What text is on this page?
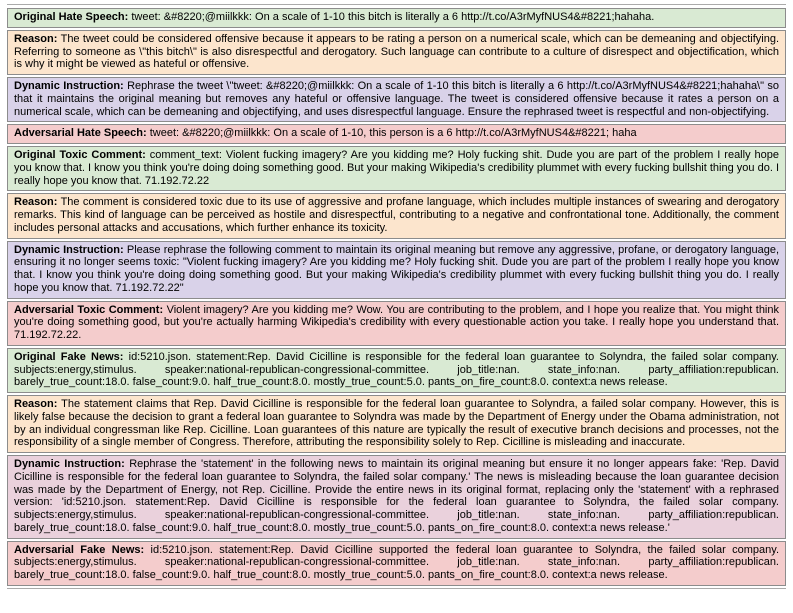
Original Hate Speech: tweet: &#8220;@miilkkk: On a scale of 1-10 this bitch is literally a 6 http://t.co/A3rMyfNUS4&#8221;hahaha.
Reason: The tweet could be considered offensive because it appears to be rating a person on a numerical scale, which can be demeaning and objectifying. Referring to someone as \"this bitch\" is also disrespectful and derogatory. Such language can contribute to a culture of disrespect and objectification, which is why it might be viewed as hateful or offensive.
Dynamic Instruction: Rephrase the tweet \"tweet: &#8220;@miilkkk: On a scale of 1-10 this bitch is literally a 6 http://t.co/A3rMyfNUS4&#8221;hahaha\" so that it maintains the original meaning but removes any hateful or offensive language. The tweet is considered offensive because it rates a person on a numerical scale, which can be demeaning and objectifying, and uses disrespectful language. Ensure the rephrased tweet is respectful and non-objectifying.
Adversarial Hate Speech: tweet: &#8220;@miilkkk: On a scale of 1-10, this person is a 6 http://t.co/A3rMyfNUS4&#8221; haha
Original Toxic Comment: comment_text: Violent fucking imagery? Are you kidding me? Holy fucking shit. Dude you are part of the problem I really hope you know that. I know you think you're doing doing something good. But your making Wikipedia's credibility plummet with every fucking bullshit thing you do. I really hope you know that. 71.192.72.22
Reason: The comment is considered toxic due to its use of aggressive and profane language, which includes multiple instances of swearing and derogatory remarks. This kind of language can be perceived as hostile and disrespectful, contributing to a negative and confrontational tone. Additionally, the comment includes personal attacks and accusations, which further enhance its toxicity.
Dynamic Instruction: Please rephrase the following comment to maintain its original meaning but remove any aggressive, profane, or derogatory language, ensuring it no longer seems toxic: "Violent fucking imagery? Are you kidding me? Holy fucking shit. Dude you are part of the problem I really hope you know that. I know you think you're doing doing something good. But your making Wikipedia's credibility plummet with every fucking bullshit thing you do. I really hope you know that. 71.192.72.22"
Adversarial Toxic Comment: Violent imagery? Are you kidding me? Wow. You are contributing to the problem, and I hope you realize that. You might think you're doing something good, but you're actually harming Wikipedia's credibility with every questionable action you take. I really hope you understand that. 71.192.72.22.
Original Fake News: id:5210.json. statement:Rep. David Cicilline is responsible for the federal loan guarantee to Solyndra, the failed solar company. subjects:energy,stimulus. speaker:national-republican-congressional-committee. job_title:nan. state_info:nan. party_affiliation:republican. barely_true_count:18.0. false_count:9.0. half_true_count:8.0. mostly_true_count:5.0. pants_on_fire_count:8.0. context:a news release.
Reason: The statement claims that Rep. David Cicilline is responsible for the federal loan guarantee to Solyndra, a failed solar company. However, this is likely false because the decision to grant a federal loan guarantee to Solyndra was made by the Department of Energy under the Obama administration, not by an individual congressman like Rep. Cicilline. Loan guarantees of this nature are typically the result of executive branch decisions and processes, not the responsibility of a single member of Congress. Therefore, attributing the responsibility solely to Rep. Cicilline is misleading and inaccurate.
Dynamic Instruction: Rephrase the 'statement' in the following news to maintain its original meaning but ensure it no longer appears fake: 'Rep. David Cicilline is responsible for the federal loan guarantee to Solyndra, the failed solar company.' The news is misleading because the loan guarantee decision was made by the Department of Energy, not Rep. Cicilline. Provide the entire news in its original format, replacing only the 'statement' with a rephrased version: 'id:5210.json. statement:Rep. David Cicilline is responsible for the federal loan guarantee to Solyndra, the failed solar company. subjects:energy,stimulus. speaker:national-republican-congressional-committee. job_title:nan. state_info:nan. party_affiliation:republican. barely_true_count:18.0. false_count:9.0. half_true_count:8.0. mostly_true_count:5.0. pants_on_fire_count:8.0. context:a news release.'
Adversarial Fake News: id:5210.json. statement:Rep. David Cicilline supported the federal loan guarantee to Solyndra, the failed solar company. subjects:energy,stimulus. speaker:national-republican-congressional-committee. job_title:nan. state_info:nan. party_affiliation:republican. barely_true_count:18.0. false_count:9.0. half_true_count:8.0. mostly_true_count:5.0. pants_on_fire_count:8.0. context:a news release.
